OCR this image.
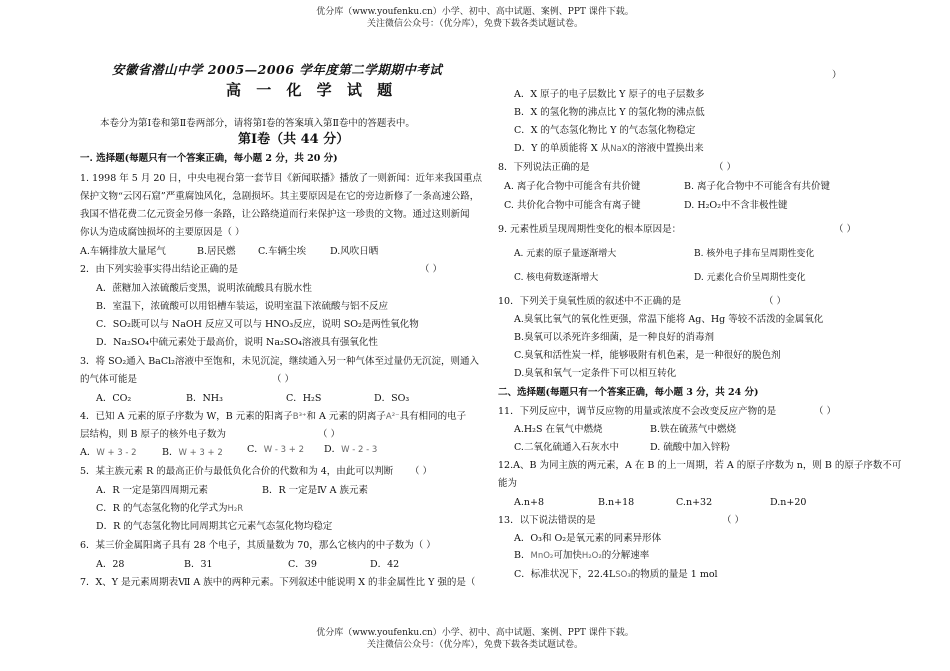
优分库（www.youfenku.cn）小学、初中、高中试题、案例、PPT 课件下载。
关注微信公众号：（优分库），免费下载各类试题试卷。
安徽省潜山中学 2005—2006 学年度第二学期期中考试
高 一 化 学 试 题
本卷分为第Ⅰ卷和第Ⅱ卷两部分，请将第Ⅰ卷的答案填入第Ⅱ卷中的答题表中。
第Ⅰ卷（共 44 分）
一. 选择题(每题只有一个答案正确，每小题 2 分，共 20 分)
1. 1998 年 5 月 20 日，中央电视台第一套节目《新闻联播》播放了一则新闻：近年来我国重点
保护文物“云冈石窟”严重腐蚀风化，急剧损坏。其主要原因是在它的旁边新修了一条高速公路，
我国不惜花费二亿元资金另修一条路，让公路绕道而行来保护这一珍贵的文物。通过这则新闻
你认为造成腐蚀损坏的主要原因是（ ）
A.车辆排放大量尾气	B.居民燃 C.车辆尘埃	D.风吹日晒
2．由下列实验事实得出结论正确的是	（ ）
A．蔗糖加入浓硫酸后变黑，说明浓硫酸具有脱水性
B．室温下，浓硫酸可以用铝槽车装运，说明室温下浓硫酸与铝不反应
C．SO₂既可以与 NaOH 反应又可以与 HNO₃反应，说明 SO₂是两性氧化物
D．Na₂SO₄中硫元素处于最高价，说明 Na₂SO₄溶液具有强氧化性
3．将 SO₂通入 BaCl₂溶液中至饱和，未见沉淀，继续通入另一种气体至过量仍无沉淀，则通入
的气体可能是	（ ）
A．CO₂	B．NH₃	C．H₂S	D．SO₃
4．已知 A 元素的原子序数为 W，B 元素的阳离子B³⁺和 A 元素的阴离子A²⁻具有相同的电子
层结构，则 B 原子的核外电子数为	（ ）
A．W + 3 - 2	B．W + 3 + 2	C．W - 3 + 2 D．W - 2 - 3
5．某主族元素 R 的最高正价与最低负化合价的代数和为 4，由此可以判断 （ ）
A．R 一定是第四周期元素	B．R 一定是Ⅳ A 族元素
C．R 的气态氢化物的化学式为H₂R
D．R 的气态氢化物比同周期其它元素气态氢化物均稳定
6．某三价金属阳离子具有 28 个电子，其质量数为 70，那么它核内的中子数为（ ）
A．28	B．31	C．39	D．42
7．X、Y 是元素周期表Ⅶ A 族中的两种元素。下列叙述中能说明 X 的非金属性比 Y 强的是（
）
A．X 原子的电子层数比 Y 原子的电子层数多
B．X 的氢化物的沸点比 Y 的氢化物的沸点低
C．X 的气态氢化物比 Y 的气态氢化物稳定
D．Y 的单质能将 X 从NaX的溶液中置换出来
8．下列说法正确的是	（ ）
A. 离子化合物中可能含有共价键	B. 离子化合物中不可能含有共价键
C. 共价化合物中可能含有离子键	D. H₂O₂中不含非极性键
9. 元素性质呈现周期性变化的根本原因是：	（ ）
A. 元素的原子量逐渐增大	B. 核外电子排布呈周期性变化
C. 核电荷数逐渐增大	D. 元素化合价呈周期性变化
10．下列关于臭氧性质的叙述中不正确的是	（ ）
A.臭氧比氧气的氧化性更强，常温下能将 Ag、Hg 等较不活泼的金属氧化
B.臭氧可以杀死许多细菌，是一种良好的消毒剂
C.臭氧和活性炭一样，能够吸附有机色素，是一种很好的脱色剂
D.臭氧和氧气一定条件下可以相互转化
二、选择题(每题只有一个答案正确，每小题 3 分，共 24 分)
11．下列反应中，调节反应物的用量或浓度不会改变反应产物的是	（ ）
A.H₂S 在氧气中燃烧	B.铁在硫蒸气中燃烧
C.二氧化硫通入石灰水中	D. 硫酸中加入锌粉
12.A、B 为同主族的两元素，A 在 B 的上一周期，若 A 的原子序数为 n，则 B 的原子序数不可
能为
A.n+8	B.n+18	C.n+32	D.n+20
13．以下说法错误的是	（ ）
A．O₃和 O₂是氧元素的同素异形体
B．MnO₂可加快H₂O₂的分解速率
C．标准状况下，22.4LSO₃的物质的量是 1 mol
优分库（www.youfenku.cn）小学、初中、高中试题、案例、PPT 课件下载。
关注微信公众号：（优分库），免费下载各类试题试卷。
